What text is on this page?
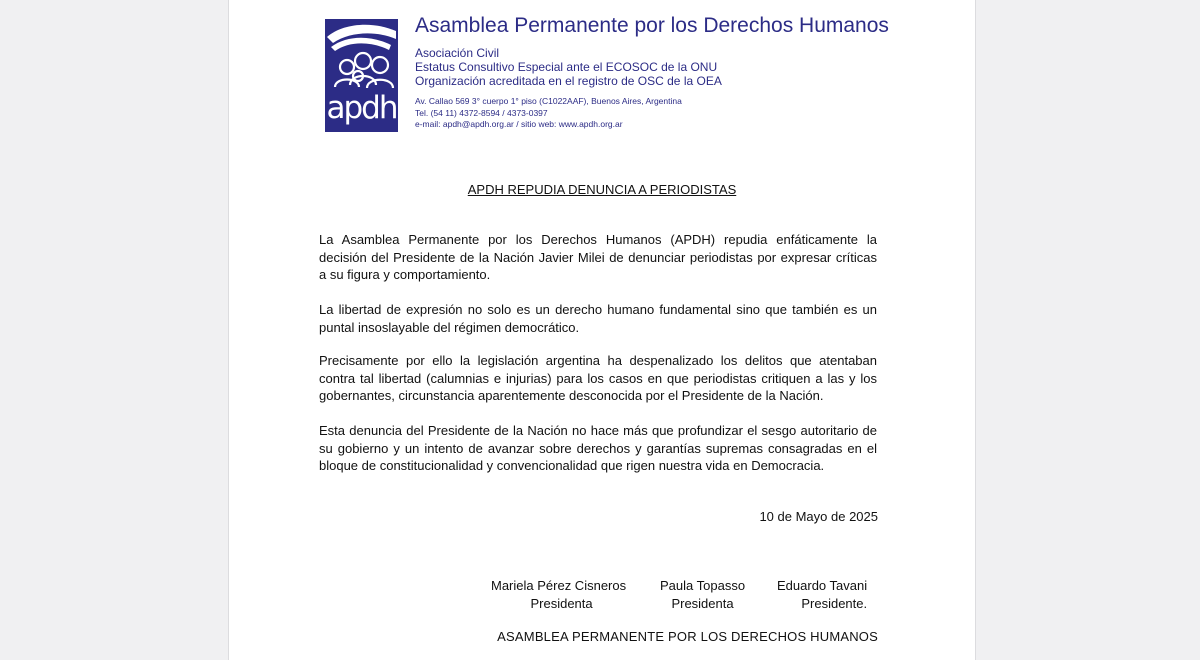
apdh
Asamblea Permanente por los Derechos Humanos
Asociación Civil
Estatus Consultivo Especial ante el ECOSOC de la ONU
Organización acreditada en el registro de OSC de la OEA
Av. Callao 569 3° cuerpo 1° piso (C1022AAF), Buenos Aires, Argentina
Tel. (54 11) 4372-8594 / 4373-0397
e-mail: apdh@apdh.org.ar / sitio web: www.apdh.org.ar
APDH REPUDIA DENUNCIA A PERIODISTAS

La Asamblea Permanente por los Derechos Humanos (APDH) repudia enfáticamente la
decisión del Presidente de la Nación Javier Milei de denunciar periodistas por expresar críticas
a su figura y comportamiento.

La libertad de expresión no solo es un derecho humano fundamental sino que también es un
puntal insoslayable del régimen democrático.

Precisamente por ello la legislación argentina ha despenalizado los delitos que atentaban
contra tal libertad (calumnias e injurias) para los casos en que periodistas critiquen a las y los
gobernantes, circunstancia aparentemente desconocida por el Presidente de la Nación.

Esta denuncia del Presidente de la Nación no hace más que profundizar el sesgo autoritario de
su gobierno y un intento de avanzar sobre derechos y garantías supremas consagradas en el
bloque de constitucionalidad y convencionalidad que rigen nuestra vida en Democracia.

10 de Mayo de 2025
Mariela Pérez Cisneros
Presidenta
Paula Topasso
Presidenta
Eduardo Tavani
Presidente.
ASAMBLEA PERMANENTE POR LOS DERECHOS HUMANOS
